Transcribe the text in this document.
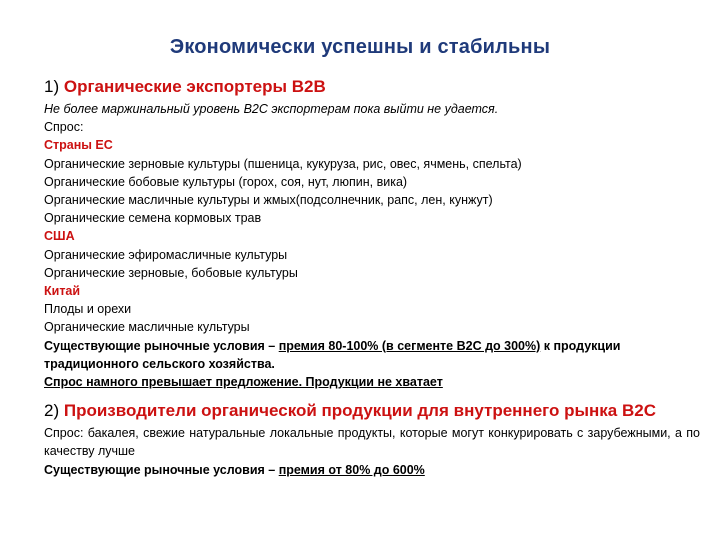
Экономически успешны и стабильны
1) Органические экспортеры В2В
Не более маржинальный уровень В2С экспортерам пока выйти не удается.
Спрос:
Страны ЕС
Органические зерновые культуры (пшеница, кукуруза, рис, овес, ячмень, спельта)
Органические бобовые культуры (горох, соя, нут, люпин, вика)
Органические масличные культуры и жмых(подсолнечник, рапс, лен, кунжут)
Органические семена кормовых трав
США
Органические эфиромасличные культуры
Органические зерновые, бобовые культуры
Китай
Плоды и орехи
Органические масличные культуры
Существующие рыночные условия – премия 80-100% (в сегменте В2С до 300%) к продукции традиционного сельского хозяйства.
Спрос намного превышает предложение. Продукции не хватает
2) Производители органической продукции для внутреннего рынка В2С
Спрос: бакалея, свежие натуральные локальные продукты, которые могут конкурировать с зарубежными, а по качеству лучше
Существующие рыночные условия – премия от 80% до 600%
